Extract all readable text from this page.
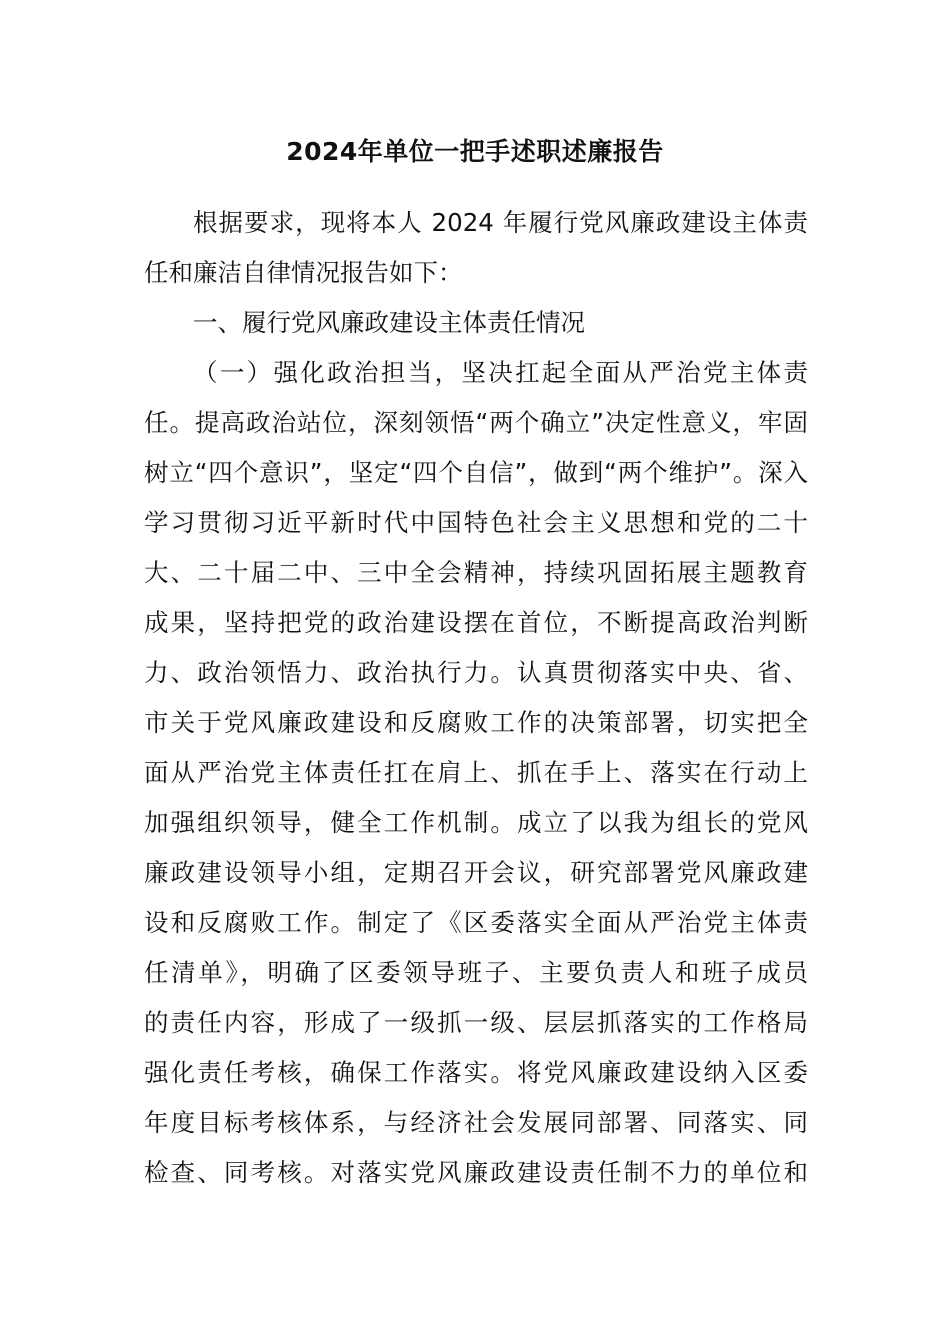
2024年单位一把手述职述廉报告
根据要求，现将本人 2024 年履行党风廉政建设主体责
任和廉洁自律情况报告如下：
一、履行党风廉政建设主体责任情况
（一）强化政治担当，坚决扛起全面从严治党主体责
任。提高政治站位，深刻领悟“两个确立”决定性意义，牢固
树立“四个意识”，坚定“四个自信”，做到“两个维护”。深入
学习贯彻习近平新时代中国特色社会主义思想和党的二十
大、二十届二中、三中全会精神，持续巩固拓展主题教育
成果，坚持把党的政治建设摆在首位，不断提高政治判断
力、政治领悟力、政治执行力。认真贯彻落实中央、省、
市关于党风廉政建设和反腐败工作的决策部署，切实把全
面从严治党主体责任扛在肩上、抓在手上、落实在行动上
加强组织领导，健全工作机制。成立了以我为组长的党风
廉政建设领导小组，定期召开会议，研究部署党风廉政建
设和反腐败工作。制定了《区委落实全面从严治党主体责
任清单》，明确了区委领导班子、主要负责人和班子成员
的责任内容，形成了一级抓一级、层层抓落实的工作格局
强化责任考核，确保工作落实。将党风廉政建设纳入区委
年度目标考核体系，与经济社会发展同部署、同落实、同
检查、同考核。对落实党风廉政建设责任制不力的单位和
